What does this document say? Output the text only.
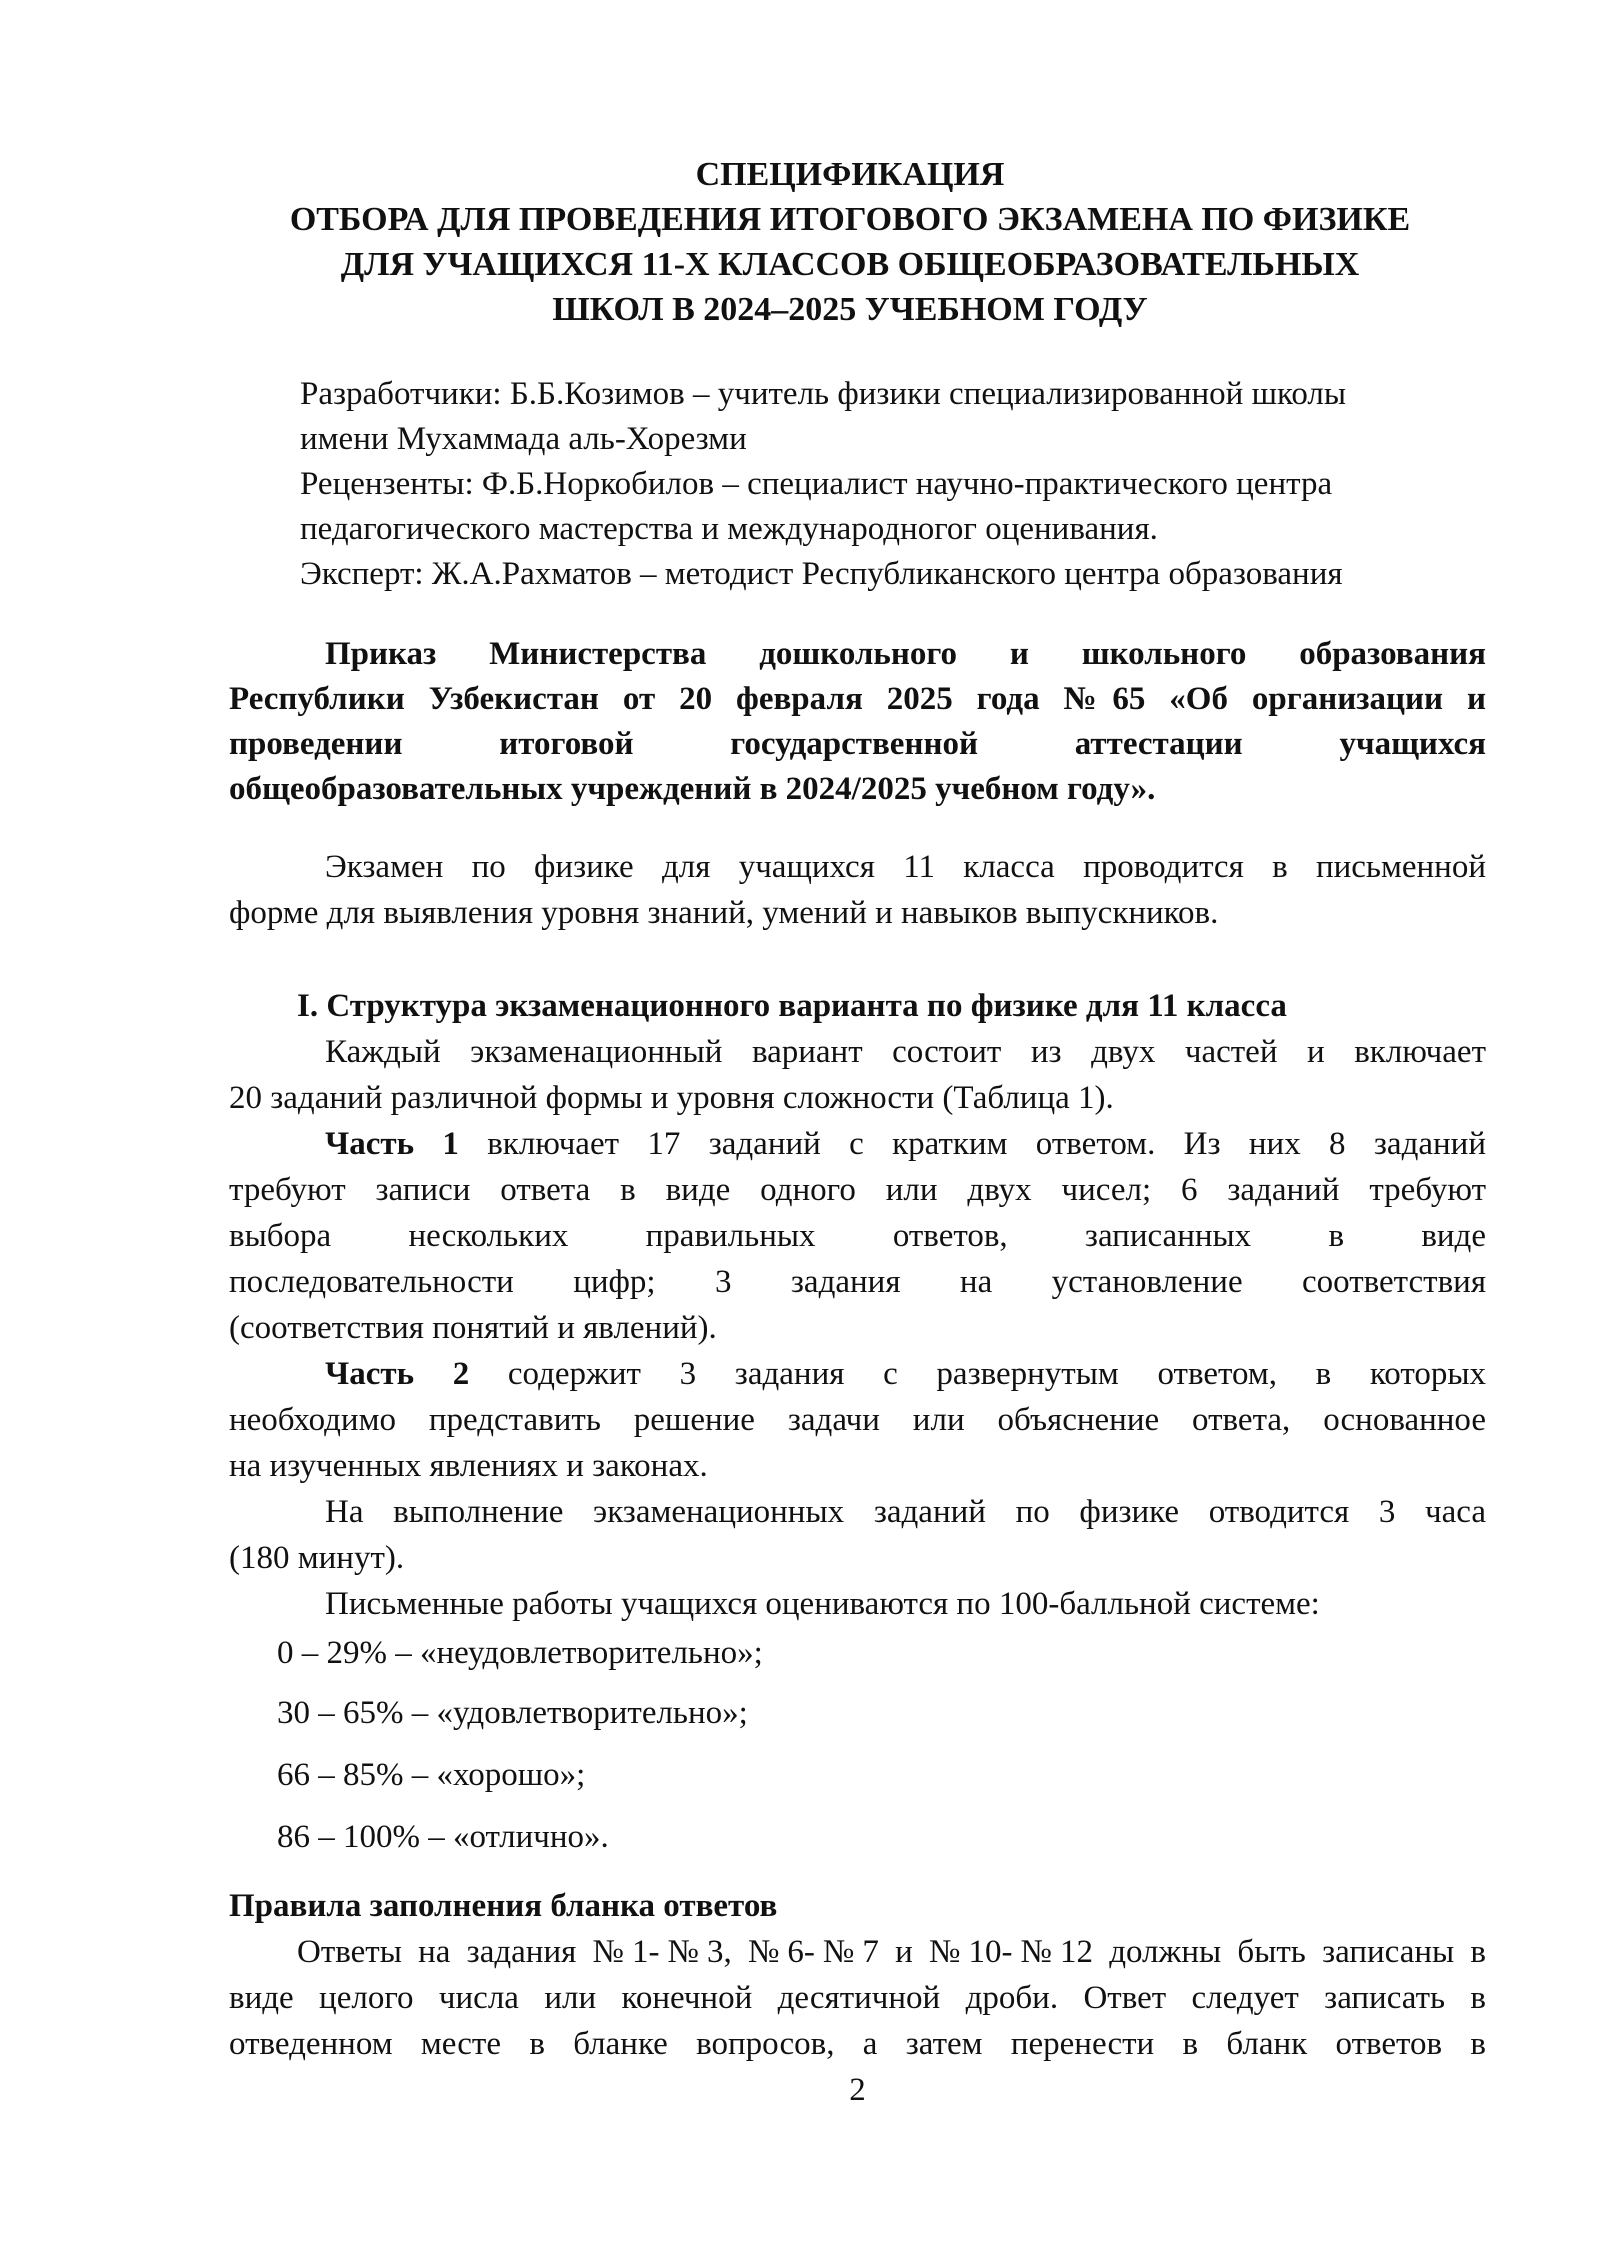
СПЕЦИФИКАЦИЯ
ОТБОРА ДЛЯ ПРОВЕДЕНИЯ ИТОГОВОГО ЭКЗАМЕНА ПО ФИЗИКЕ
ДЛЯ УЧАЩИХСЯ 11-Х КЛАССОВ ОБЩЕОБРАЗОВАТЕЛЬНЫХ
ШКОЛ В 2024–2025 УЧЕБНОМ ГОДУ
Разработчики: Б.Б.Козимов – учитель физики специализированной школы
имени Мухаммада аль-Хорезми
Рецензенты: Ф.Б.Норкобилов – специалист научно-практического центра
педагогического мастерства и международногог оценивания.
Эксперт: Ж.А.Рахматов – методист Республиканского центра образования
Приказ Министерства дошкольного и школьного образования
Республики Узбекистан от 20 февраля 2025 года №65 «Об организации и
проведении итоговой государственной аттестации учащихся
общеобразовательных учреждений в 2024/2025 учебном году».
Экзамен по физике для учащихся 11 класса проводится в письменной
форме для выявления уровня знаний, умений и навыков выпускников.
I. Структура экзаменационного варианта по физике для 11 класса
Каждый экзаменационный вариант состоит из двух частей и включает
20 заданий различной формы и уровня сложности (Таблица 1).
Часть 1 включает 17 заданий с кратким ответом. Из них 8 заданий
требуют записи ответа в виде одного или двух чисел; 6 заданий требуют
выбора нескольких правильных ответов, записанных в виде
последовательности цифр; 3 задания на установление соответствия
(соответствия понятий и явлений).
Часть 2 содержит 3 задания с развернутым ответом, в которых
необходимо представить решение задачи или объяснение ответа, основанное
на изученных явлениях и законах.
На выполнение экзаменационных заданий по физике отводится 3 часа
(180 минут).
Письменные работы учащихся оцениваются по 100-балльной системе:
0 – 29% – «неудовлетворительно»;
30 – 65% – «удовлетворительно»;
66 – 85% – «хорошо»;
86 – 100% – «отлично».
Правила заполнения бланка ответов
Ответы на задания №1-№3, №6-№7 и №10-№12 должны быть записаны в
виде целого числа или конечной десятичной дроби. Ответ следует записать в
отведенном месте в бланке вопросов, а затем перенести в бланк ответов в
2
